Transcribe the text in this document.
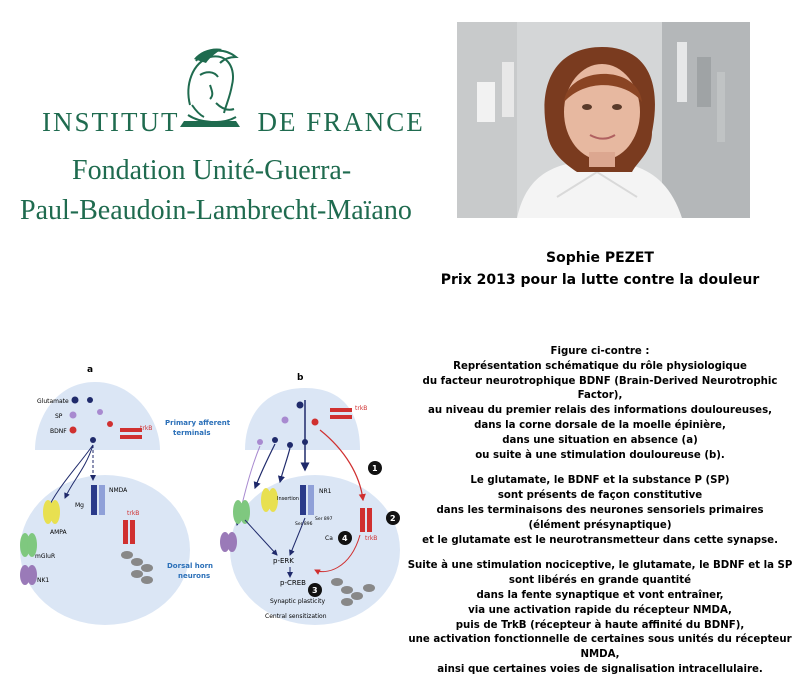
INSTITUT	DE FRANCE
Fondation Unité-Guerra-
Paul-Beaudoin-Lambrecht-Maïano
Sophie PEZET
Prix 2013 pour la lutte contre la douleur
a
Glutamate
SP
BDNF	trkB
Primary afferent
terminals
NMDA
Mg
AMPA
mGluR
NK1
trkB
Dorsal horn
neurons
b
trkB
Insertion
NR1
Ser 896
Ser 897
trkB
1
2
3
4
Ca
p-ERK
p-CREB
Synaptic plasticity
Central sensitization

Figure ci-contre :

Représentation schématique du rôle physiologique

du facteur neurotrophique BDNF (Brain-Derived Neurotrophic Factor),

au niveau du premier relais des informations douloureuses,

dans la corne dorsale de la moelle épinière,

dans une situation en absence (a)

ou suite à une stimulation douloureuse (b).

Le glutamate, le BDNF et la substance P (SP)

sont présents de façon constitutive

dans les terminaisons des neurones sensoriels primaires

(élément présynaptique)

et le glutamate est le neurotransmetteur dans cette synapse.

Suite à une stimulation nociceptive, le glutamate, le BDNF et la SP

sont libérés en grande quantité

dans la fente synaptique et vont entraîner,

via une activation rapide du récepteur NMDA,

puis de TrkB (récepteur à haute affinité du BDNF),

une activation fonctionnelle de certaines sous unités du récepteur NMDA,

ainsi que certaines voies de signalisation intracellulaire.
